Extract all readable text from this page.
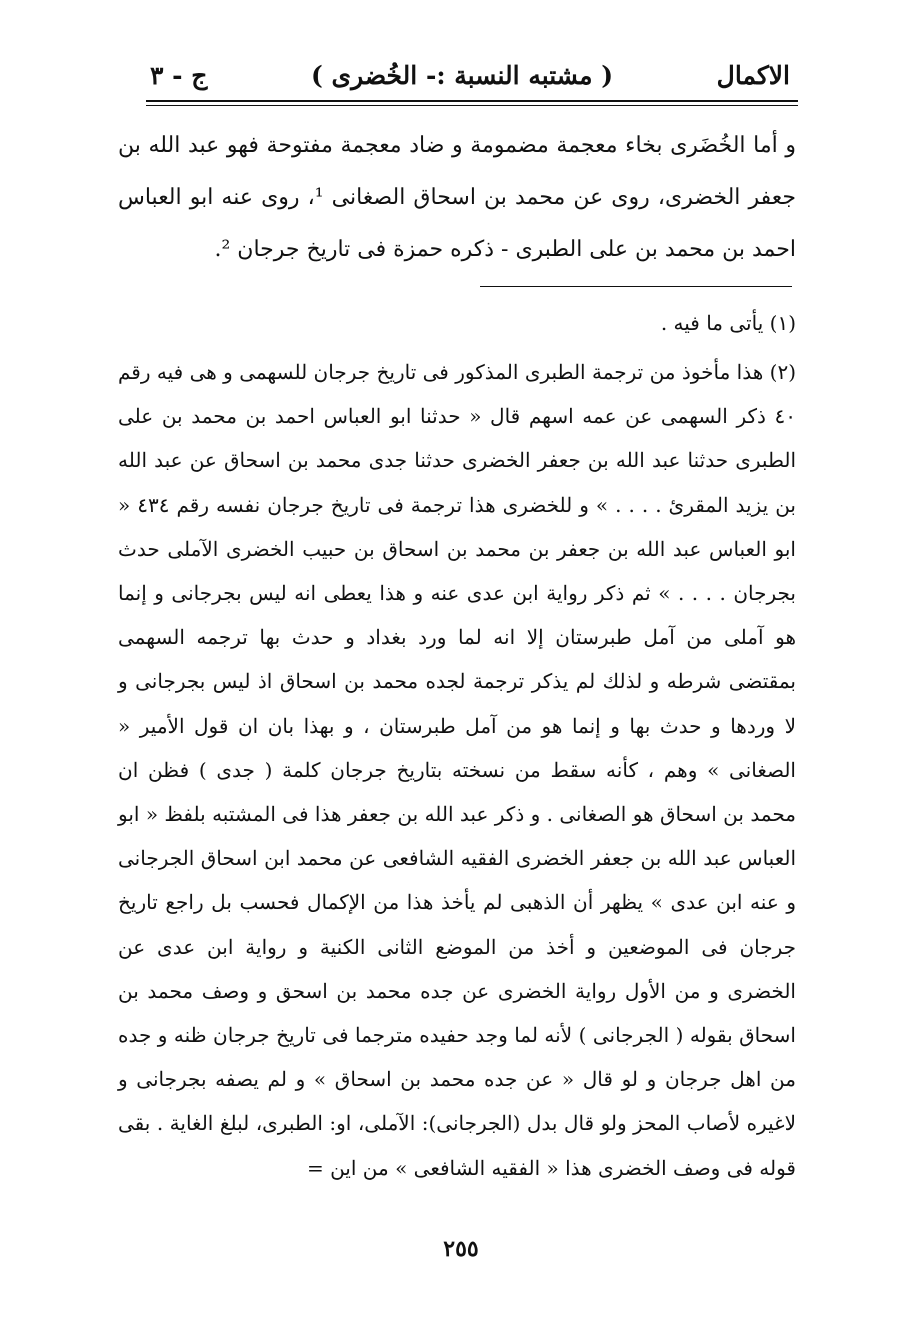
الاكمال
( مشتبه النسبة :- الخُضرى )
ج - ٣

و أما الخُضَرى بخاء معجمة مضمومة و ضاد معجمة مفتوحة فهو عبد الله بن جعفر الخضرى، روى عن محمد بن اسحاق الصغانى ¹، روى عنه ابو العباس احمد بن محمد بن على الطبرى - ذكره حمزة فى تاريخ جرجان ².

(١) يأتى ما فيه .

(٢) هذا مأخوذ من ترجمة الطبرى المذكور فى تاريخ جرجان للسهمى و هى فيه رقم ٤٠ ذكر السهمى عن عمه اسهم قال « حدثنا ابو العباس احمد بن محمد بن على الطبرى حدثنا عبد الله بن جعفر الخضرى حدثنا جدى محمد بن اسحاق عن عبد الله بن يزيد المقرئ . . . . » و للخضرى هذا ترجمة فى تاريخ جرجان نفسه رقم ٤٣٤ « ابو العباس عبد الله بن جعفر بن محمد بن اسحاق بن حبيب الخضرى الآملى حدث بجرجان . . . . » ثم ذكر رواية ابن عدى عنه و هذا يعطى انه ليس بجرجانى و إنما هو آملى من آمل طبرستان إلا انه لما ورد بغداد و حدث بها ترجمه السهمى بمقتضى شرطه و لذلك لم يذكر ترجمة لجده محمد بن اسحاق اذ ليس بجرجانى و لا وردها و حدث بها و إنما هو من آمل طبرستان ، و بهذا بان ان قول الأمير « الصغانى » وهم ، كأنه سقط من نسخته بتاريخ جرجان كلمة ( جدى ) فظن ان محمد بن اسحاق هو الصغانى . و ذكر عبد الله بن جعفر هذا فى المشتبه بلفظ « ابو العباس عبد الله بن جعفر الخضرى الفقيه الشافعى عن محمد ابن اسحاق الجرجانى و عنه ابن عدى » يظهر أن الذهبى لم يأخذ هذا من الإكمال فحسب بل راجع تاريخ جرجان فى الموضعين و أخذ من الموضع الثانى الكنية و رواية ابن عدى عن الخضرى و من الأول رواية الخضرى عن جده محمد بن اسحق و وصف محمد بن اسحاق بقوله ( الجرجانى ) لأنه لما وجد حفيده مترجما فى تاريخ جرجان ظنه و جده من اهل جرجان و لو قال « عن جده محمد بن اسحاق » و لم يصفه بجرجانى و لاغيره لأصاب المحز ولو قال بدل (الجرجانى): الآملى، او: الطبرى، لبلغ الغاية . بقى قوله فى وصف الخضرى هذا « الفقيه الشافعى » من اين =

٢٥٥
